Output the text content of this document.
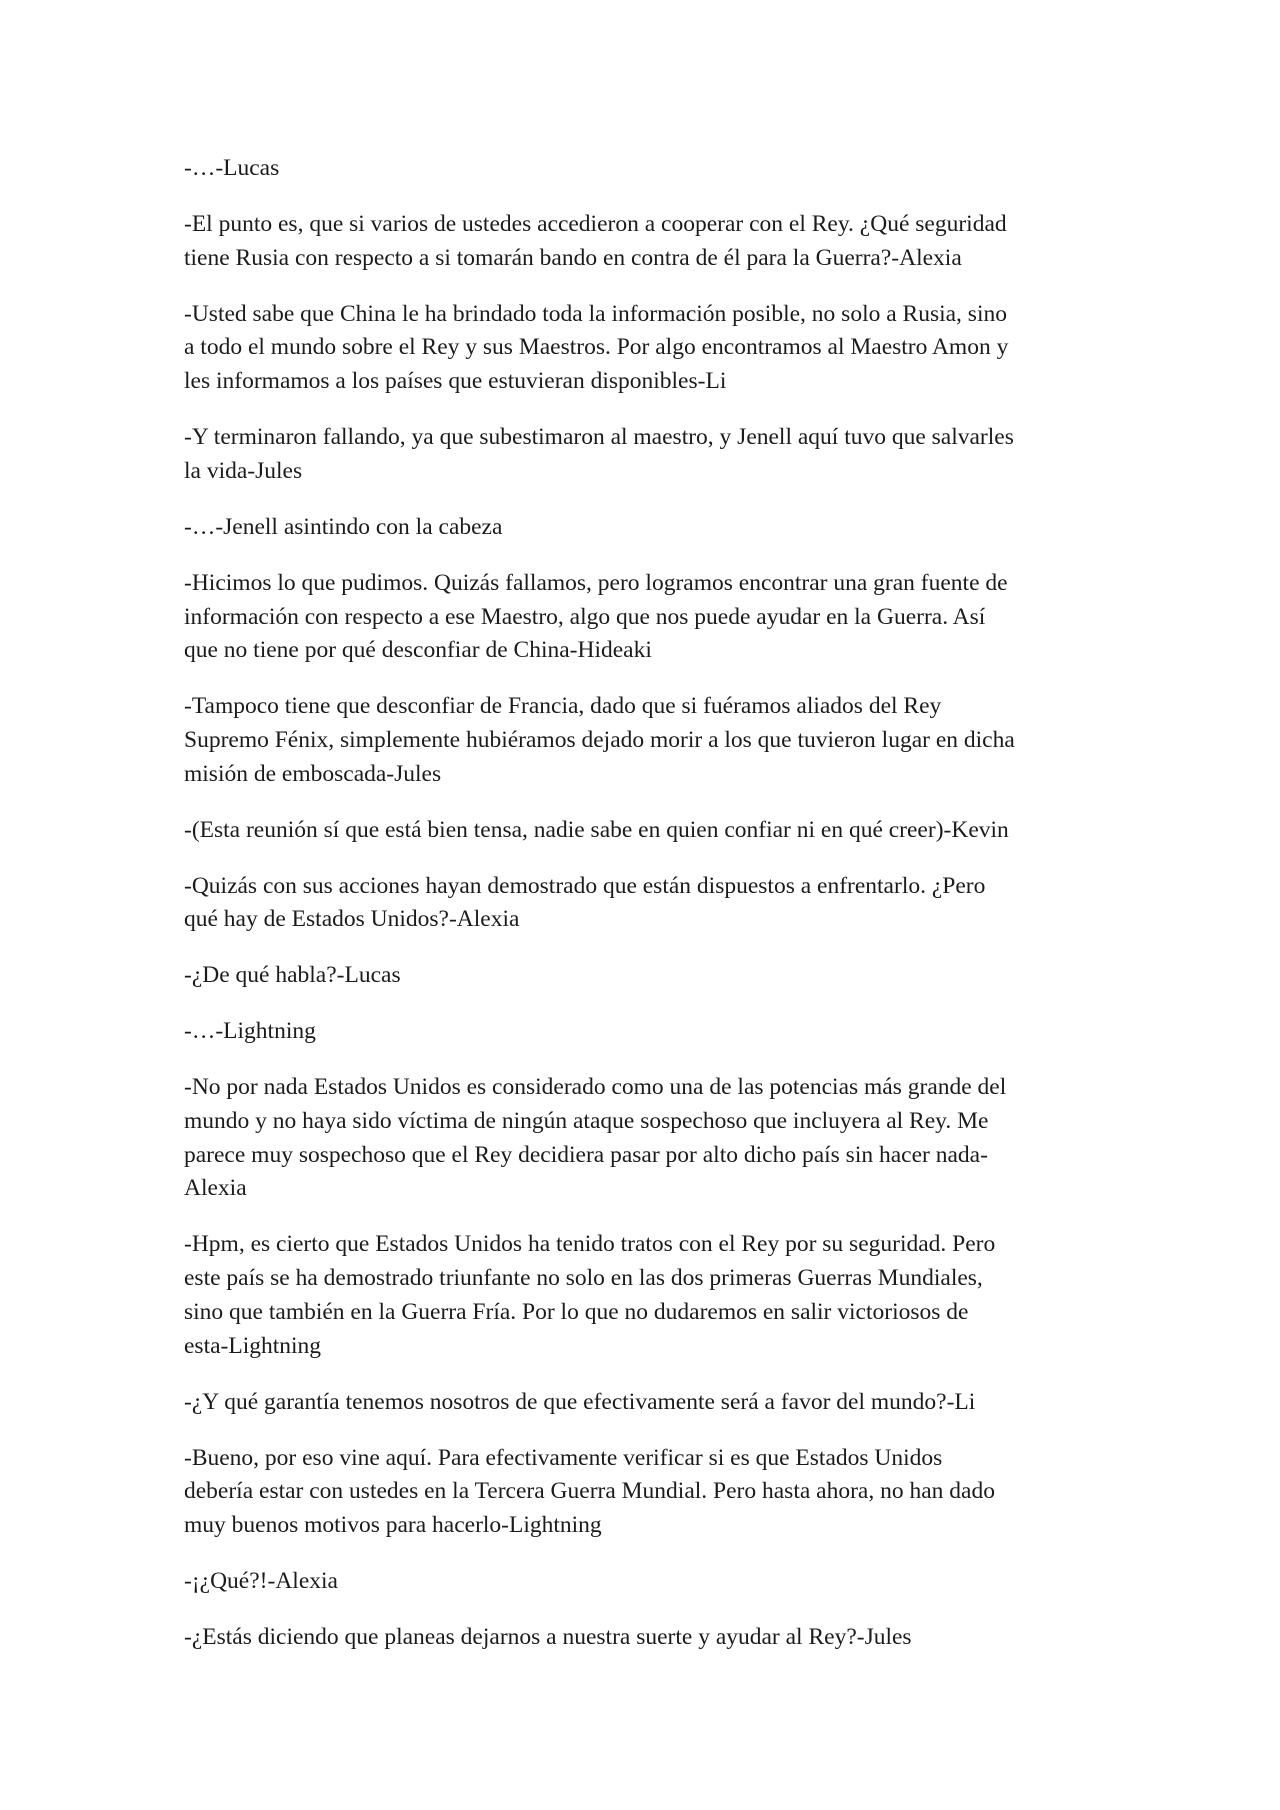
-…-Lucas

-El punto es, que si varios de ustedes accedieron a cooperar con el Rey. ¿Qué seguridad
tiene Rusia con respecto a si tomarán bando en contra de él para la Guerra?-Alexia

-Usted sabe que China le ha brindado toda la información posible, no solo a Rusia, sino
a todo el mundo sobre el Rey y sus Maestros. Por algo encontramos al Maestro Amon y
les informamos a los países que estuvieran disponibles-Li

-Y terminaron fallando, ya que subestimaron al maestro, y Jenell aquí tuvo que salvarles
la vida-Jules

-…-Jenell asintindo con la cabeza

-Hicimos lo que pudimos. Quizás fallamos, pero logramos encontrar una gran fuente de
información con respecto a ese Maestro, algo que nos puede ayudar en la Guerra. Así
que no tiene por qué desconfiar de China-Hideaki

-Tampoco tiene que desconfiar de Francia, dado que si fuéramos aliados del Rey
Supremo Fénix, simplemente hubiéramos dejado morir a los que tuvieron lugar en dicha
misión de emboscada-Jules

-(Esta reunión sí que está bien tensa, nadie sabe en quien confiar ni en qué creer)-Kevin

-Quizás con sus acciones hayan demostrado que están dispuestos a enfrentarlo. ¿Pero
qué hay de Estados Unidos?-Alexia

-¿De qué habla?-Lucas

-…-Lightning

-No por nada Estados Unidos es considerado como una de las potencias más grande del
mundo y no haya sido víctima de ningún ataque sospechoso que incluyera al Rey. Me
parece muy sospechoso que el Rey decidiera pasar por alto dicho país sin hacer nada-
Alexia

-Hpm, es cierto que Estados Unidos ha tenido tratos con el Rey por su seguridad. Pero
este país se ha demostrado triunfante no solo en las dos primeras Guerras Mundiales,
sino que también en la Guerra Fría. Por lo que no dudaremos en salir victoriosos de
esta-Lightning

-¿Y qué garantía tenemos nosotros de que efectivamente será a favor del mundo?-Li

-Bueno, por eso vine aquí. Para efectivamente verificar si es que Estados Unidos
debería estar con ustedes en la Tercera Guerra Mundial. Pero hasta ahora, no han dado
muy buenos motivos para hacerlo-Lightning

-¡¿Qué?!-Alexia

-¿Estás diciendo que planeas dejarnos a nuestra suerte y ayudar al Rey?-Jules
